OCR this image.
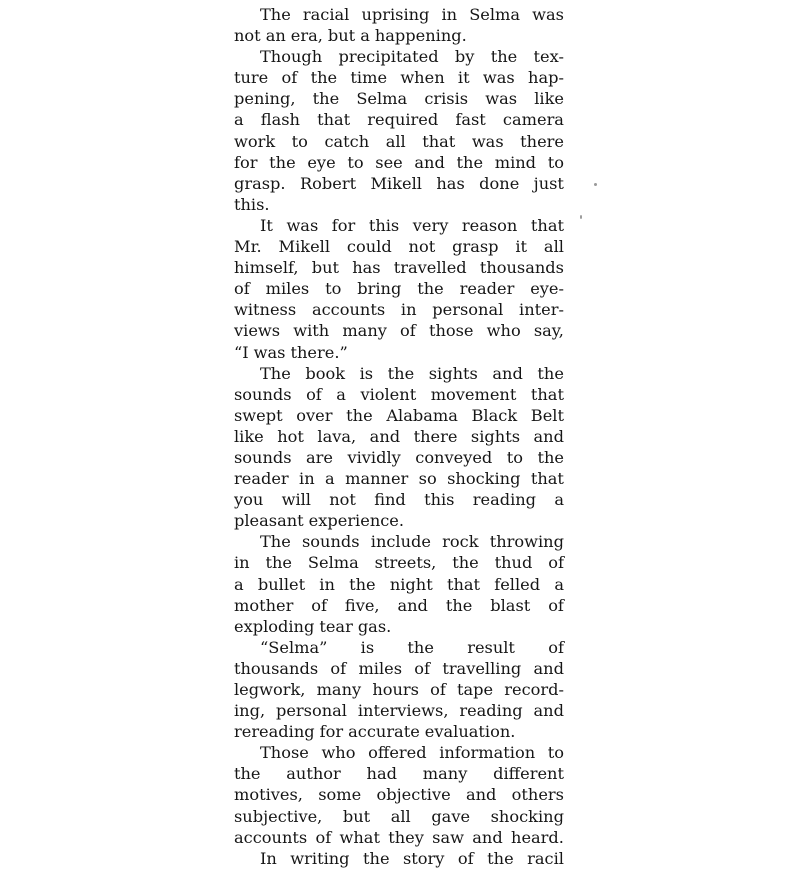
The racial uprising in Selma was
not an era, but a happening.
Though precipitated by the tex-
ture of the time when it was hap-
pening, the Selma crisis was like
a flash that required fast camera
work to catch all that was there
for the eye to see and the mind to
grasp. Robert Mikell has done just
this.
It was for this very reason that
Mr. Mikell could not grasp it all
himself, but has travelled thousands
of miles to bring the reader eye-
witness accounts in personal inter-
views with many of those who say,
“I was there.”
The book is the sights and the
sounds of a violent movement that
swept over the Alabama Black Belt
like hot lava, and there sights and
sounds are vividly conveyed to the
reader in a manner so shocking that
you will not find this reading a
pleasant experience.
The sounds include rock throwing
in the Selma streets, the thud of
a bullet in the night that felled a
mother of five, and the blast of
exploding tear gas.
“Selma” is the result of
thousands of miles of travelling and
legwork, many hours of tape record-
ing, personal interviews, reading and
rereading for accurate evaluation.
Those who offered information to
the author had many different
motives, some objective and others
subjective, but all gave shocking
accounts of what they saw and heard.
In writing the story of the racil
